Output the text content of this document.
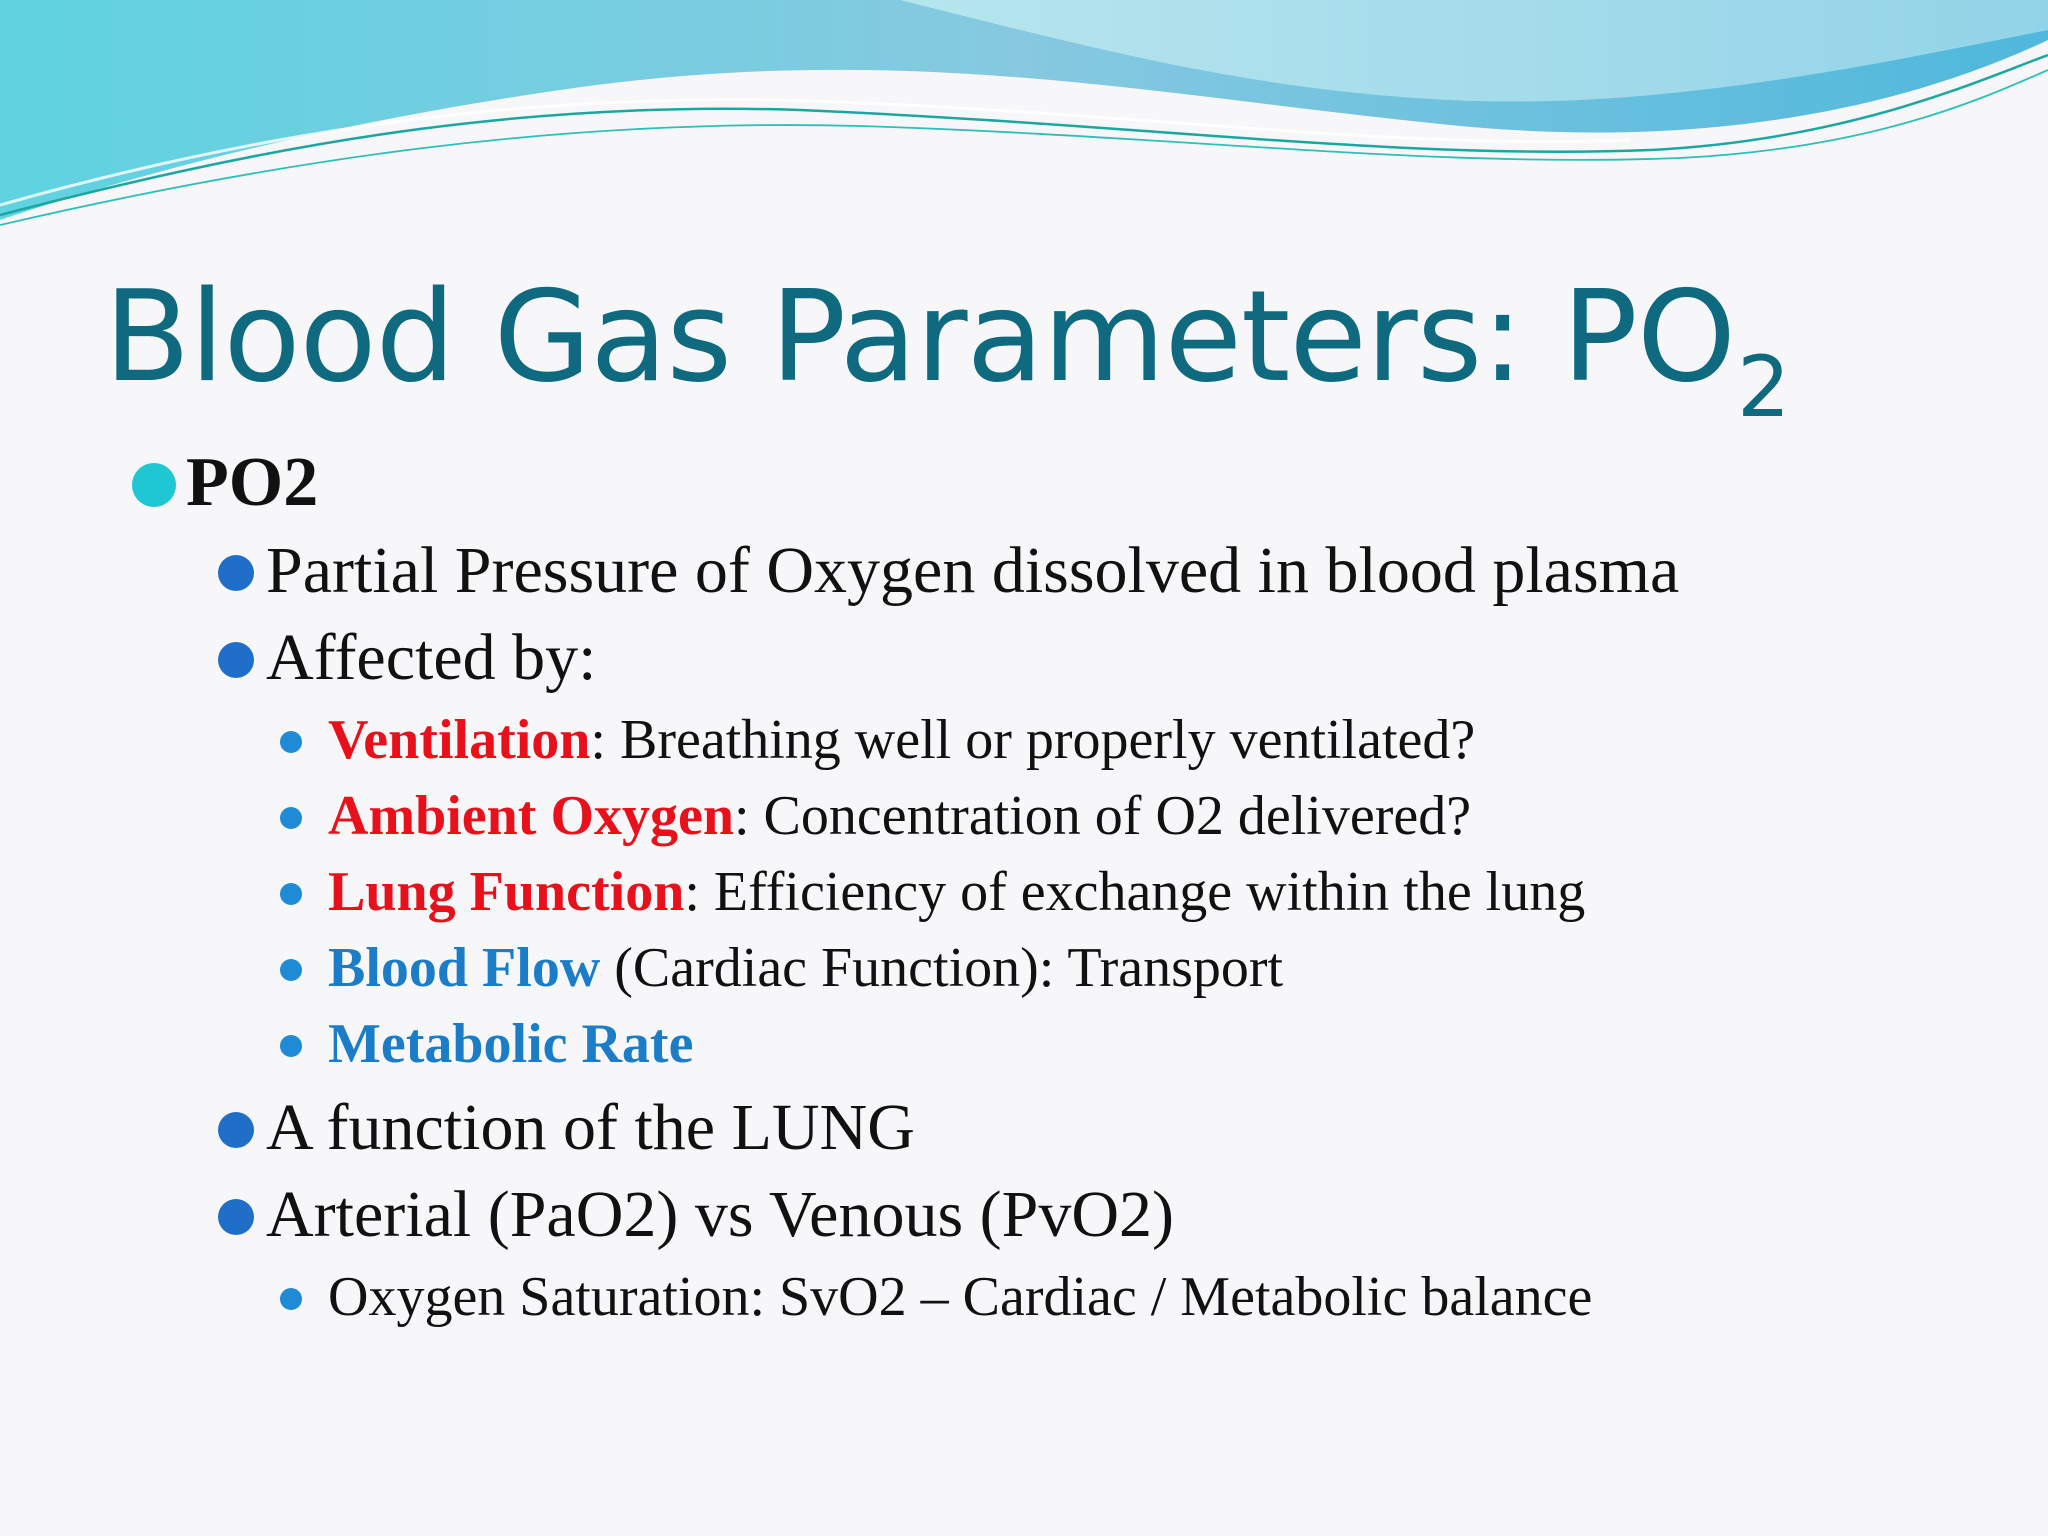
Blood Gas Parameters: $PO_2$
PO2
Partial Pressure of Oxygen dissolved in blood plasma
Affected by:
Ventilation: Breathing well or properly ventilated?
Ambient Oxygen: Concentration of O2 delivered?
Lung Function: Efficiency of exchange within the lung
Blood Flow (Cardiac Function): Transport
Metabolic Rate
A function of the LUNG
Arterial (PaO2) vs Venous (PvO2)
Oxygen Saturation: SvO2 – Cardiac / Metabolic balance
